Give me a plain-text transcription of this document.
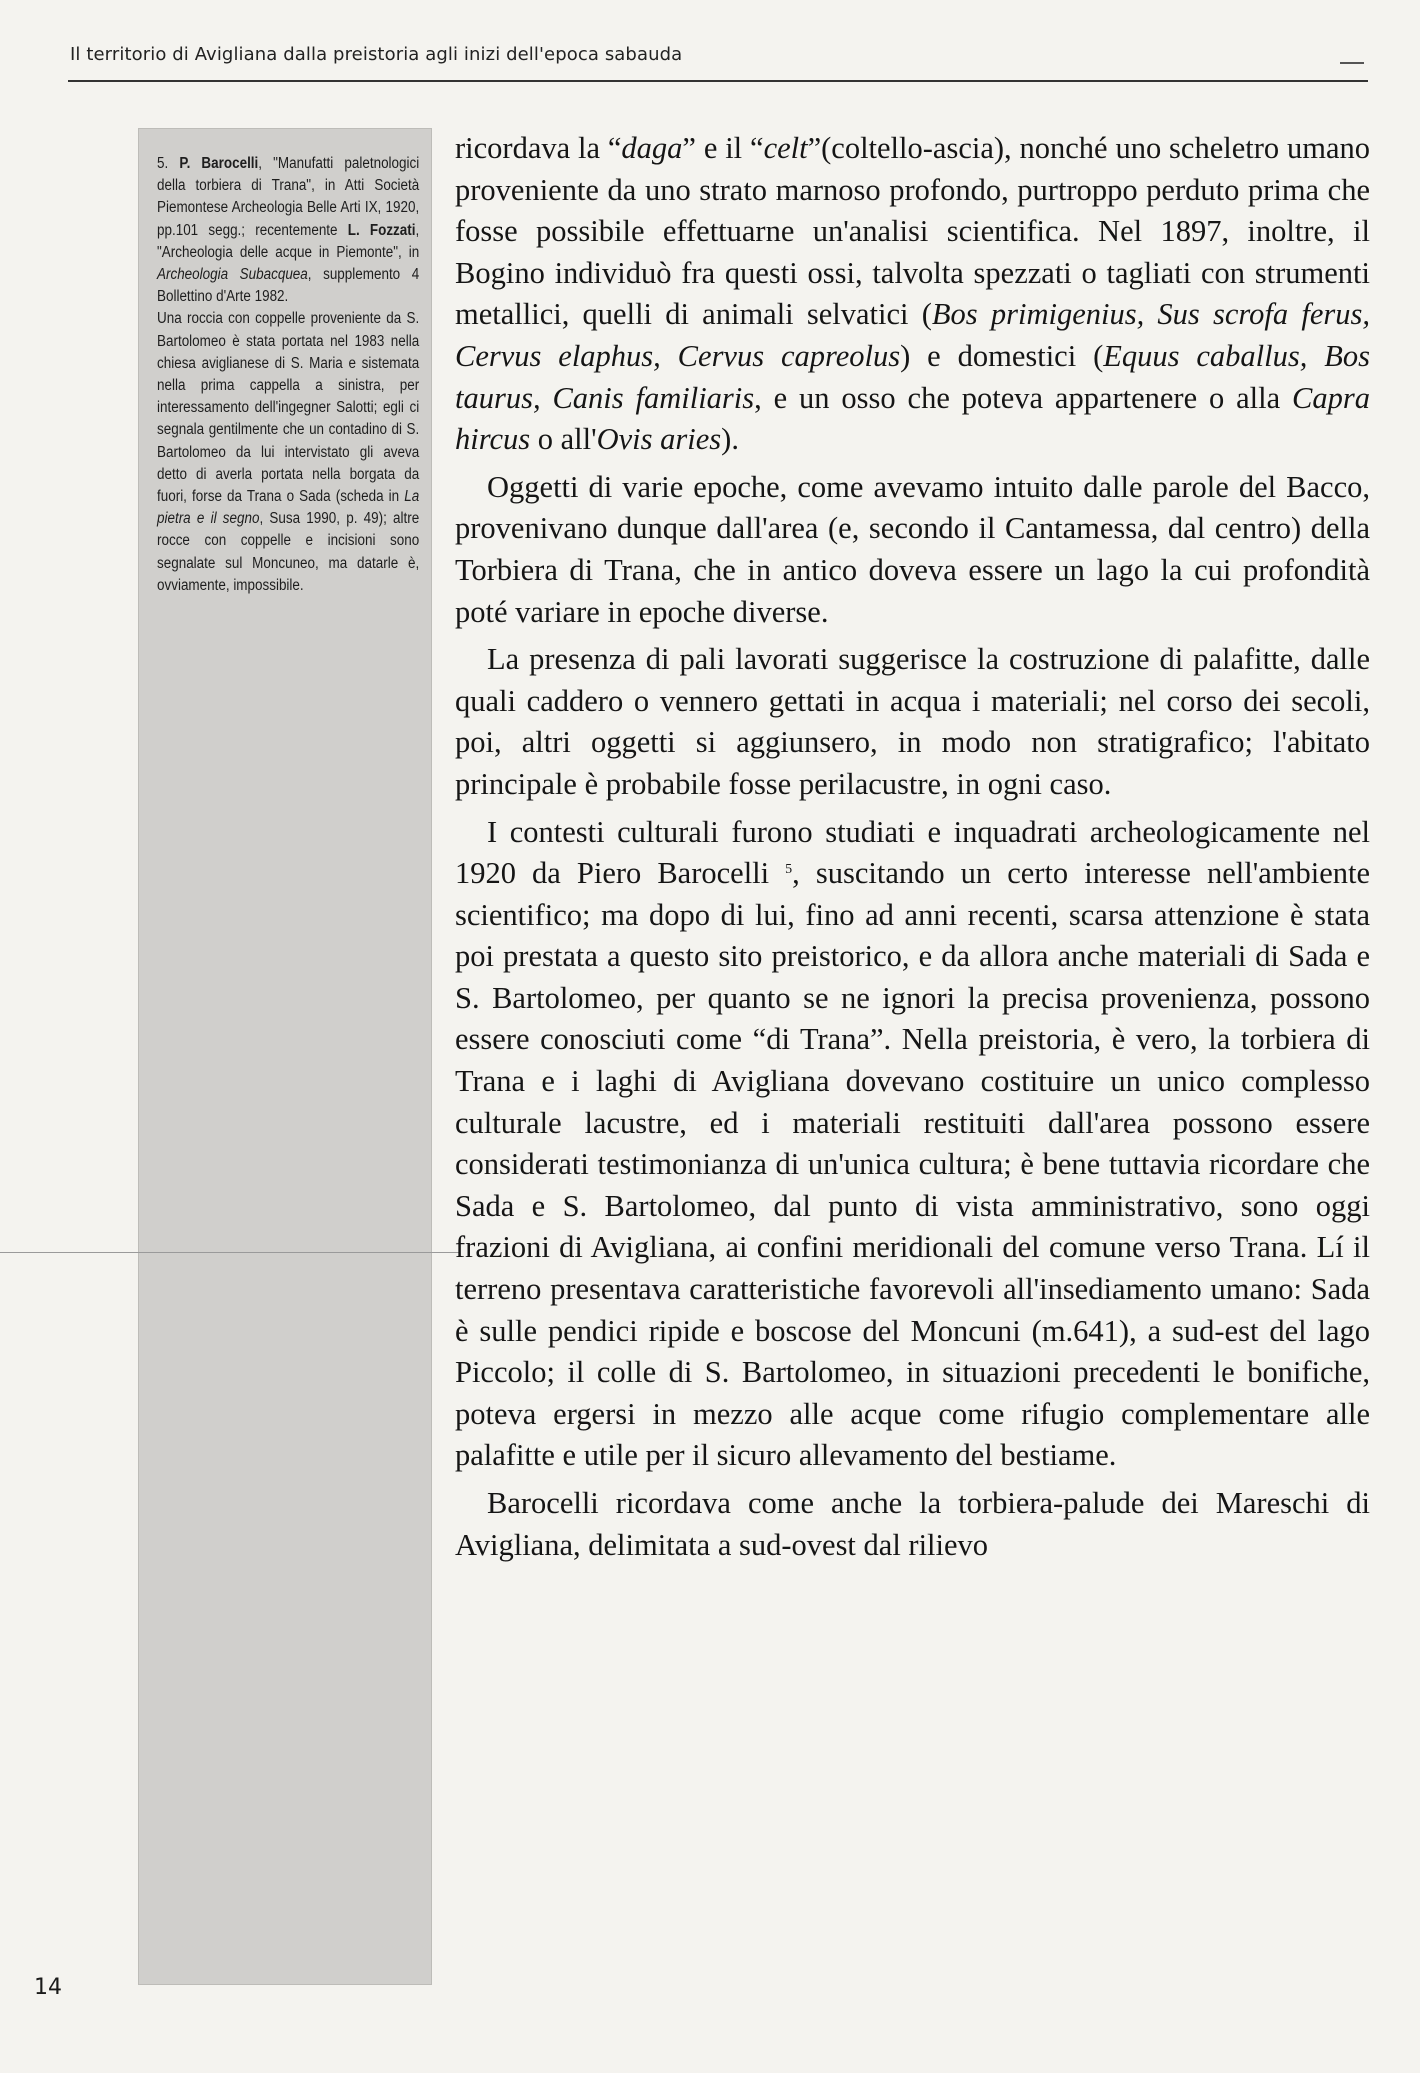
Il territorio di Avigliana dalla preistoria agli inizi dell'epoca sabauda

5. P. Barocelli, "Manufatti paletnologici della torbiera di Trana", in Atti Società Piemontese Archeologia Belle Arti IX, 1920, pp.101 segg.; recentemente L. Fozzati, "Archeologia delle acque in Piemonte", in Archeologia Subacquea, supplemento 4 Bollettino d'Arte 1982.

Una roccia con coppelle proveniente da S. Bartolomeo è stata portata nel 1983 nella chiesa aviglianese di S. Maria e sistemata nella prima cappella a sinistra, per interessamento dell'ingegner Salotti; egli ci segnala gentilmente che un contadino di S. Bartolomeo da lui intervistato gli aveva detto di averla portata nella borgata da fuori, forse da Trana o Sada (scheda in La pietra e il segno, Susa 1990, p. 49); altre rocce con coppelle e incisioni sono segnalate sul Moncuneo, ma datarle è, ovviamente, impossibile.

ricordava la “daga” e il “celt”(coltello-ascia), nonché uno scheletro umano proveniente da uno strato marnoso profondo, purtroppo perduto prima che fosse possibile effettuarne un'analisi scientifica. Nel 1897, inoltre, il Bogino individuò fra questi ossi, talvolta spezzati o tagliati con strumenti metallici, quelli di animali selvatici (Bos primigenius, Sus scrofa ferus, Cervus elaphus, Cervus capreolus) e domestici (Equus caballus, Bos taurus, Canis familiaris, e un osso che poteva appartenere o alla Capra hircus o all'Ovis aries).

Oggetti di varie epoche, come avevamo intuito dalle parole del Bacco, provenivano dunque dall'area (e, secondo il Cantamessa, dal centro) della Torbiera di Trana, che in antico doveva essere un lago la cui profondità poté variare in epoche diverse.

La presenza di pali lavorati suggerisce la costruzione di palafitte, dalle quali caddero o vennero gettati in acqua i materiali; nel corso dei secoli, poi, altri oggetti si aggiunsero, in modo non stratigrafico; l'abitato principale è probabile fosse perilacustre, in ogni caso.

I contesti culturali furono studiati e inquadrati archeologicamente nel 1920 da Piero Barocelli $^5$, suscitando un certo interesse nell'ambiente scientifico; ma dopo di lui, fino ad anni recenti, scarsa attenzione è stata poi prestata a questo sito preistorico, e da allora anche materiali di Sada e S. Bartolomeo, per quanto se ne ignori la precisa provenienza, possono essere conosciuti come “di Trana”. Nella preistoria, è vero, la torbiera di Trana e i laghi di Avigliana dovevano costituire un unico complesso culturale lacustre, ed i materiali restituiti dall'area possono essere considerati testimonianza di un'unica cultura; è bene tuttavia ricordare che Sada e S. Bartolomeo, dal punto di vista amministrativo, sono oggi frazioni di Avigliana, ai confini meridionali del comune verso Trana. Lí il terreno presentava caratteristiche favorevoli all'insediamento umano: Sada è sulle pendici ripide e boscose del Moncuni (m.641), a sud-est del lago Piccolo; il colle di S. Bartolomeo, in situazioni precedenti le bonifiche, poteva ergersi in mezzo alle acque come rifugio complementare alle palafitte e utile per il sicuro allevamento del bestiame.

Barocelli ricordava come anche la torbiera-palude dei Mareschi di Avigliana, delimitata a sud-ovest dal rilievo

14
